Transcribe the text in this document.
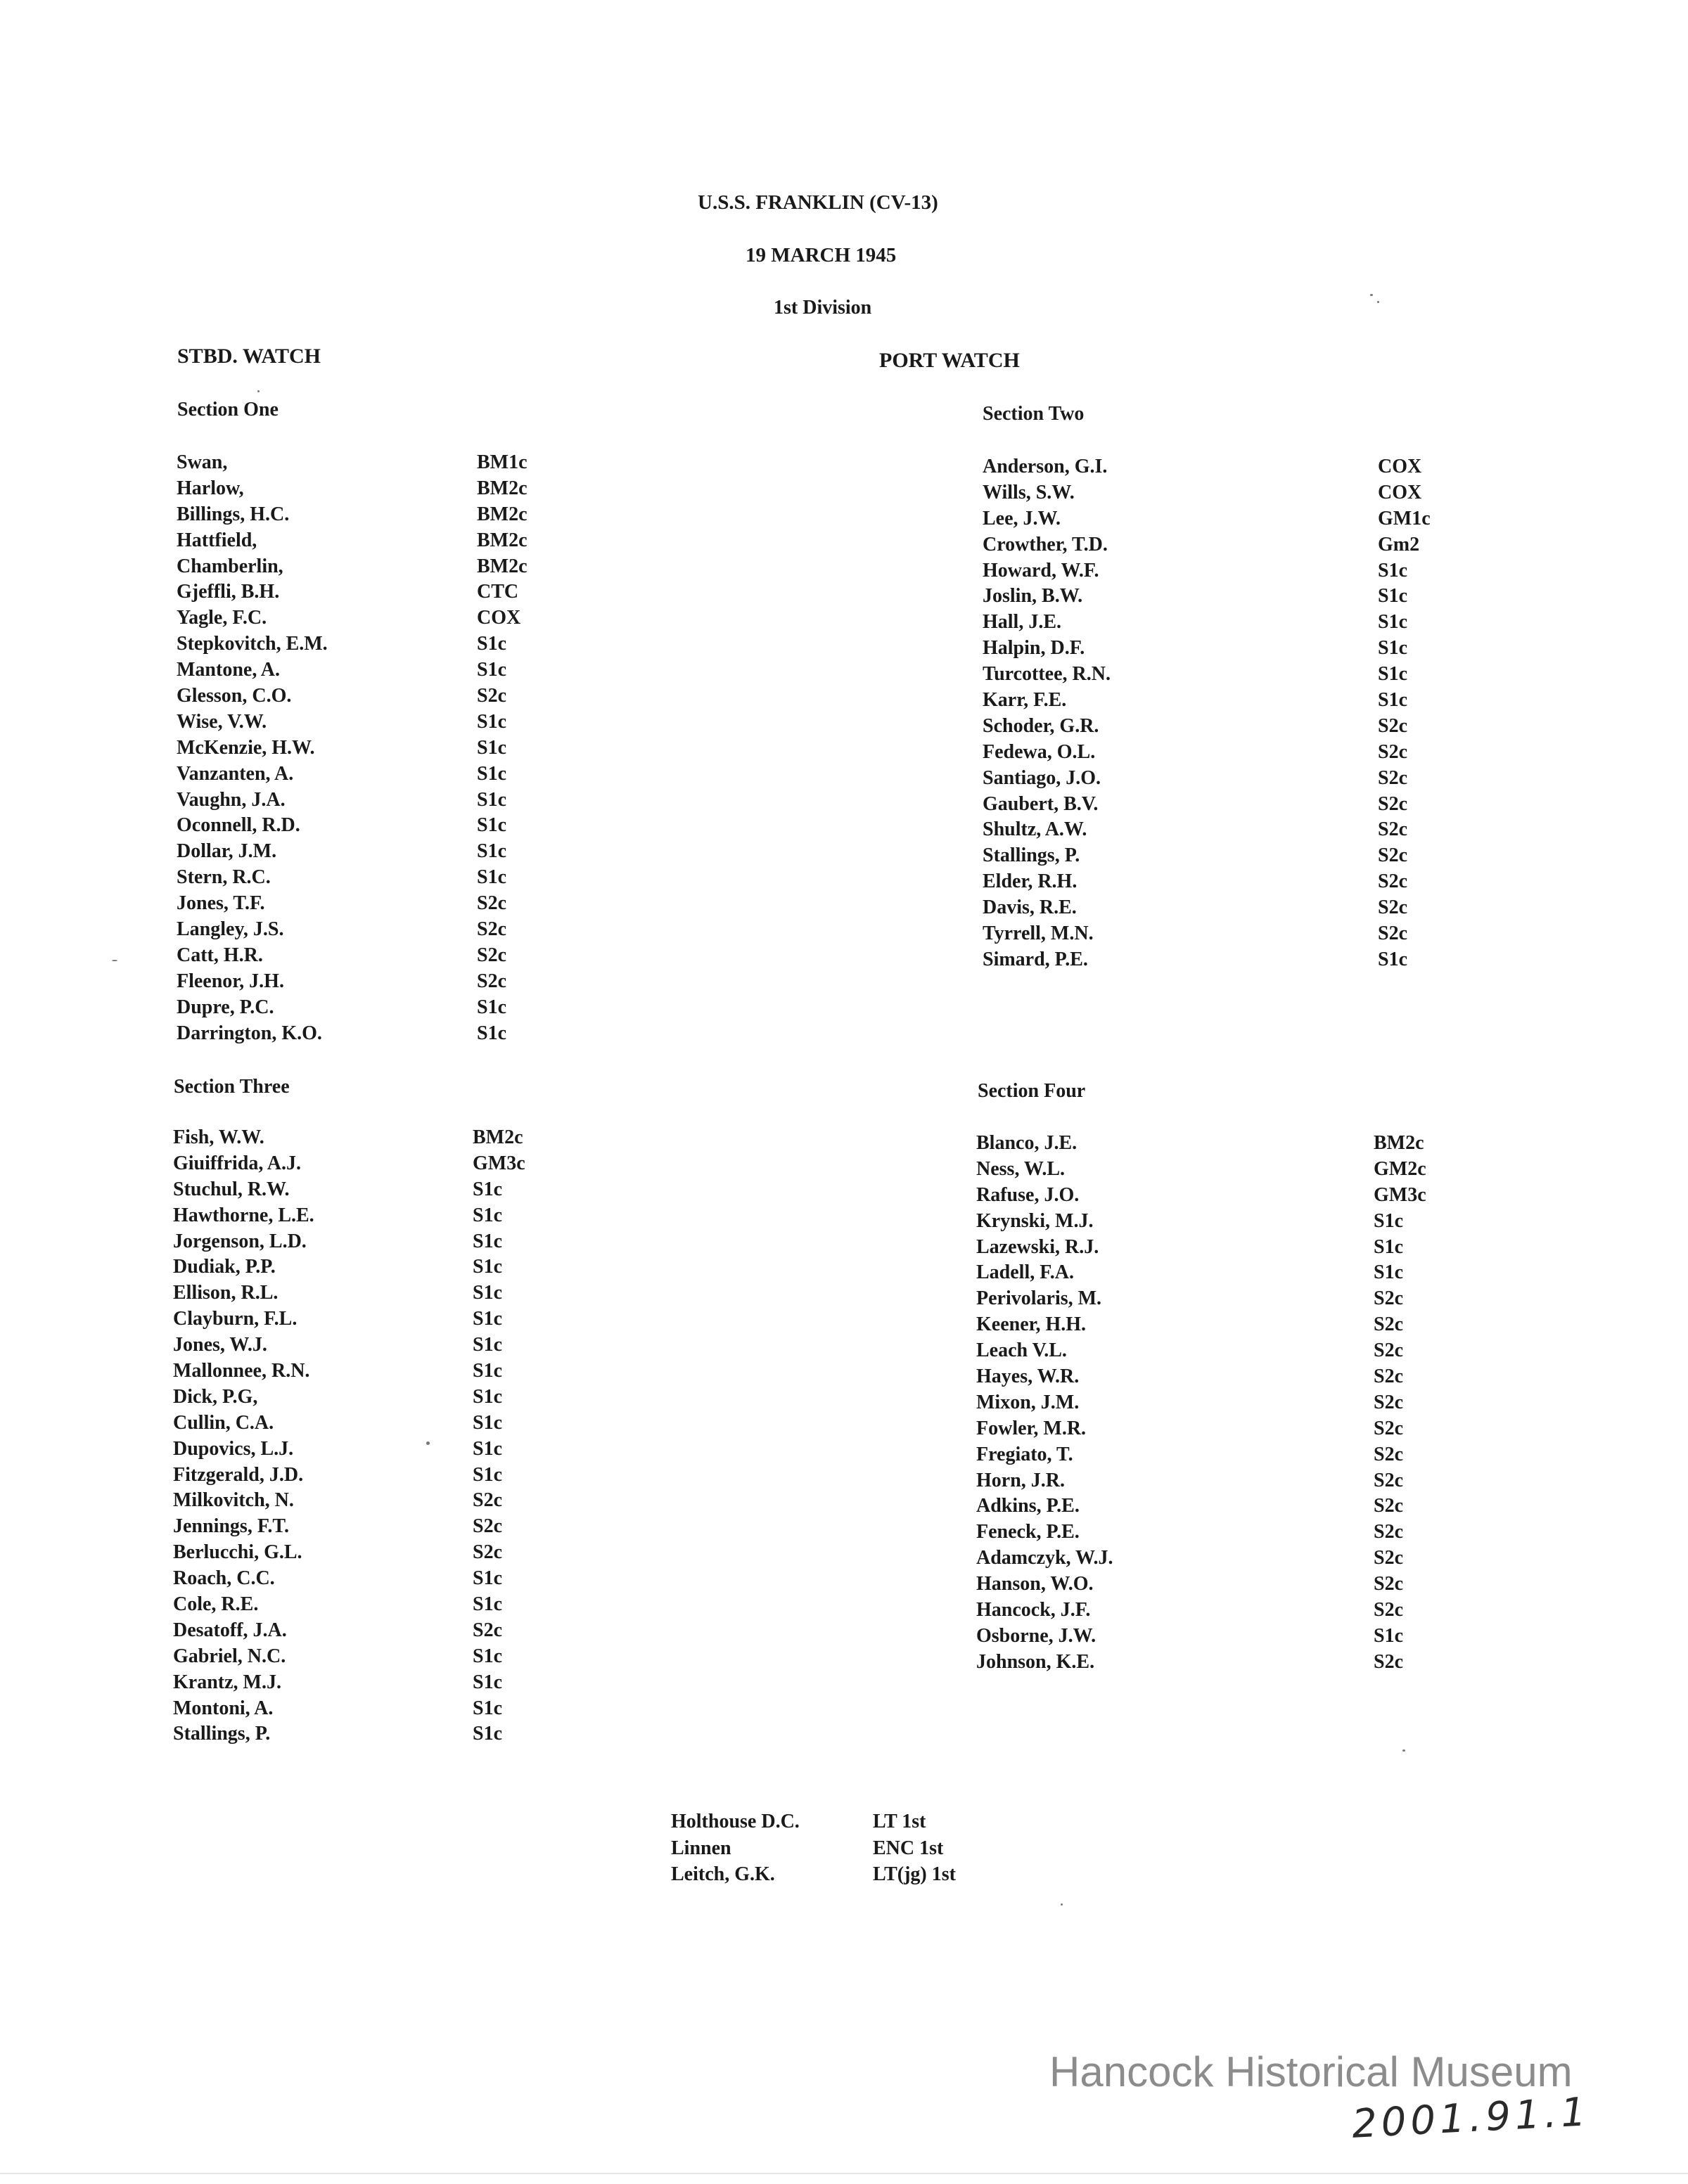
U.S.S. FRANKLIN (CV-13)
19 MARCH 1945
1st Division
STBD. WATCH	PORT WATCH
Section One	Section Two
Section Three	Section Four
Swan,	BM1c
Harlow,	BM2c
Billings, H.C.	BM2c
Hattfield,	BM2c
Chamberlin,	BM2c
Gjeffli, B.H.	CTC
Yagle, F.C.	COX
Stepkovitch, E.M.	S1c
Mantone, A.	S1c
Glesson, C.O.	S2c
Wise, V.W.	S1c
McKenzie, H.W.	S1c
Vanzanten, A.	S1c
Vaughn, J.A.	S1c
Oconnell, R.D.	S1c
Dollar, J.M.	S1c
Stern, R.C.	S1c
Jones, T.F.	S2c
Langley, J.S.	S2c
Catt, H.R.	S2c
Fleenor, J.H.	S2c
Dupre, P.C.	S1c
Darrington, K.O.	S1c
Anderson, G.I.	COX
Wills, S.W.	COX
Lee, J.W.	GM1c
Crowther, T.D.	Gm2
Howard, W.F.	S1c
Joslin, B.W.	S1c
Hall, J.E.	S1c
Halpin, D.F.	S1c
Turcottee, R.N.	S1c
Karr, F.E.	S1c
Schoder, G.R.	S2c
Fedewa, O.L.	S2c
Santiago, J.O.	S2c
Gaubert, B.V.	S2c
Shultz, A.W.	S2c
Stallings, P.	S2c
Elder, R.H.	S2c
Davis, R.E.	S2c
Tyrrell, M.N.	S2c
Simard, P.E.	S1c
Fish, W.W.	BM2c
Giuiffrida, A.J.	GM3c
Stuchul, R.W.	S1c
Hawthorne, L.E.	S1c
Jorgenson, L.D.	S1c
Dudiak, P.P.	S1c
Ellison, R.L.	S1c
Clayburn, F.L.	S1c
Jones, W.J.	S1c
Mallonnee, R.N.	S1c
Dick, P.G,	S1c
Cullin, C.A.	S1c
Dupovics, L.J.	S1c
Fitzgerald, J.D.	S1c
Milkovitch, N.	S2c
Jennings, F.T.	S2c
Berlucchi, G.L.	S2c
Roach, C.C.	S1c
Cole, R.E.	S1c
Desatoff, J.A.	S2c
Gabriel, N.C.	S1c
Krantz, M.J.	S1c
Montoni, A.	S1c
Stallings, P.	S1c
Blanco, J.E.	BM2c
Ness, W.L.	GM2c
Rafuse, J.O.	GM3c
Krynski, M.J.	S1c
Lazewski, R.J.	S1c
Ladell, F.A.	S1c
Perivolaris, M.	S2c
Keener, H.H.	S2c
Leach V.L.	S2c
Hayes, W.R.	S2c
Mixon, J.M.	S2c
Fowler, M.R.	S2c
Fregiato, T.	S2c
Horn, J.R.	S2c
Adkins, P.E.	S2c
Feneck, P.E.	S2c
Adamczyk, W.J.	S2c
Hanson, W.O.	S2c
Hancock, J.F.	S2c
Osborne, J.W.	S1c
Johnson, K.E.	S2c
Holthouse D.C.	LT 1st
Linnen	ENC 1st
Leitch, G.K.	LT(jg) 1st
Hancock Historical Museum
2001.91.1
